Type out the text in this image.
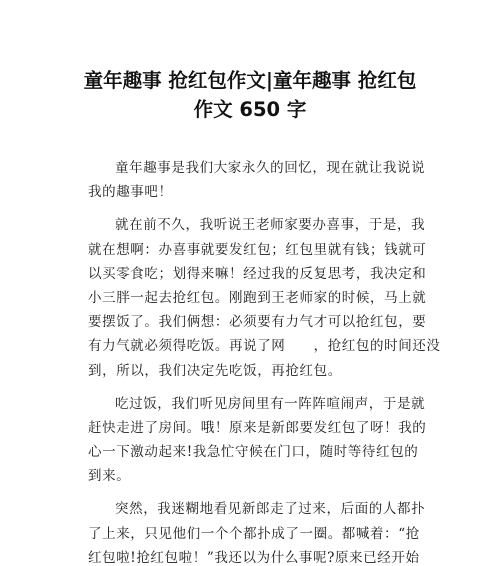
童年趣事 抢红包作文|童年趣事 抢红包
作文 650 字
童年趣事是我们大家永久的回忆，现在就让我说说
我的趣事吧！
就在前不久，我听说王老师家要办喜事，于是，我
就在想啊：办喜事就要发红包；红包里就有钱；钱就可
以买零食吃；划得来嘛！经过我的反复思考，我决定和
小三胖一起去抢红包。刚跑到王老师家的时候，马上就
要摆饭了。我们俩想：必须要有力气才可以抢红包，要
有力气就必须得吃饭。再说了网　　，抢红包的时间还没
到，所以，我们决定先吃饭，再抢红包。
吃过饭，我们听见房间里有一阵阵喧闹声，于是就
赶快走进了房间。哦！原来是新郎要发红包了呀！我的
心一下激动起来!我急忙守候在门口，随时等待红包的
到来。
突然，我迷糊地看见新郎走了过来，后面的人都扑
了上来，只见他们一个个都扑成了一圈。都喊着：“抢
红包啦!抢红包啦！”我还以为什么事呢?原来已经开始
